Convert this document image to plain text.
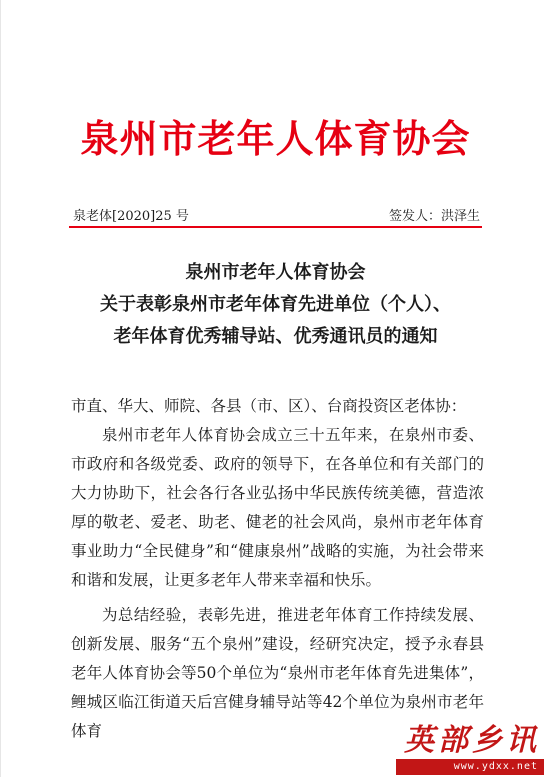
泉州市老年人体育协会
泉老体[2020]25 号	签发人：洪泽生
泉州市老年人体育协会
关于表彰泉州市老年体育先进单位（个人）、
老年体育优秀辅导站、优秀通讯员的通知

市直、华大、师院、各县（市、区）、台商投资区老体协：

泉州市老年人体育协会成立三十五年来，在泉州市委、市政府和各级党委、政府的领导下，在各单位和有关部门的大力协助下，社会各行各业弘扬中华民族传统美德，营造浓厚的敬老、爱老、助老、健老的社会风尚，泉州市老年体育事业助力“全民健身”和“健康泉州”战略的实施，为社会带来和谐和发展，让更多老年人带来幸福和快乐。

为总结经验，表彰先进，推进老年体育工作持续发展、创新发展、服务“五个泉州”建设，经研究决定，授予永春县老年人体育协会等50个单位为“泉州市老年体育先进集体”，鲤城区临江街道天后宫健身辅导站等42个单位为泉州市老年体育	英部乡讯
www.ydxx.net
